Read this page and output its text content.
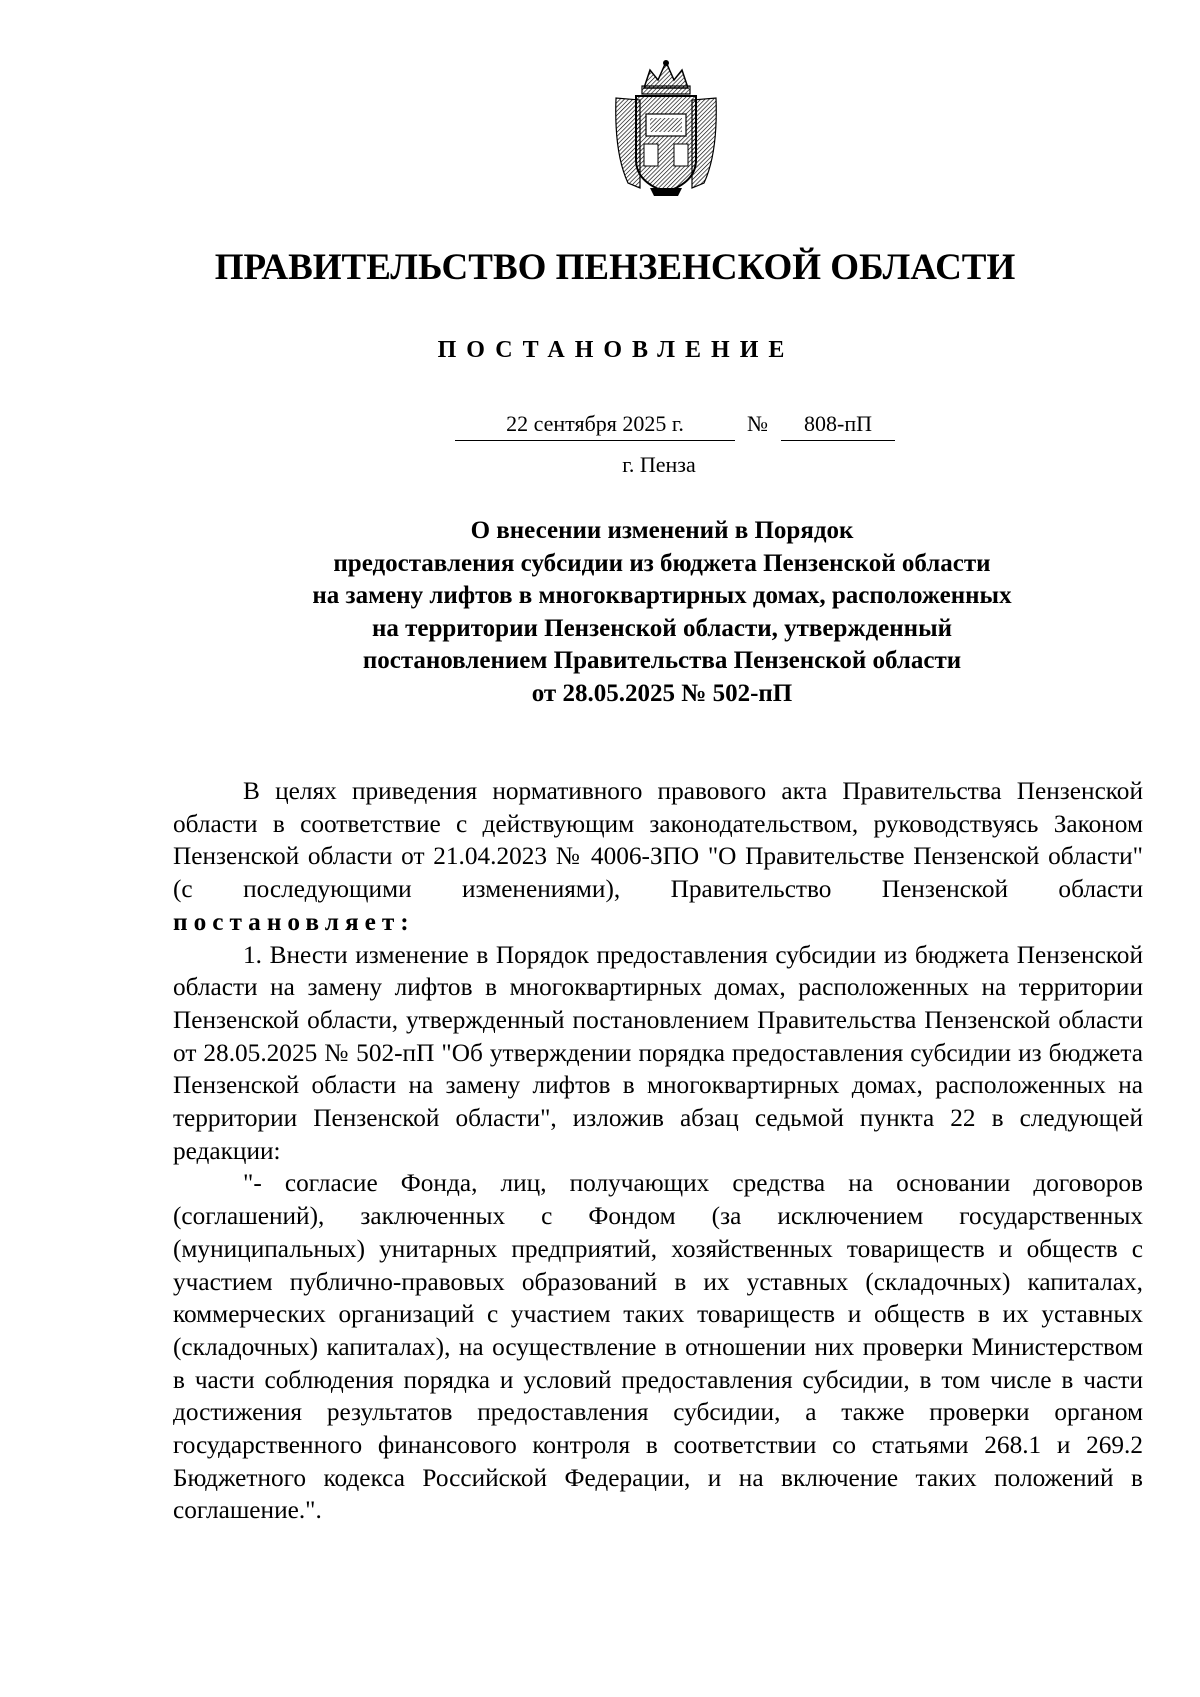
ПРАВИТЕЛЬСТВО ПЕНЗЕНСКОЙ ОБЛАСТИ
ПОСТАНОВЛЕНИЕ
22 сентября 2025 г.	№	808-пП
г. Пенза
О внесении изменений в Порядок
предоставления субсидии из бюджета Пензенской области
на замену лифтов в многоквартирных домах, расположенных
на территории Пензенской области, утвержденный
постановлением Правительства Пензенской области
от 28.05.2025 № 502-пП

В целях приведения нормативного правового акта Правительства Пензенской области в соответствие с действующим законодательством, руководствуясь Законом Пензенской области от 21.04.2023 № 4006-ЗПО "О Правительстве Пензенской области" (с последующими изменениями), Правительство Пензенской области постановляет:

1. Внести изменение в Порядок предоставления субсидии из бюджета Пензенской области на замену лифтов в многоквартирных домах, расположенных на территории Пензенской области, утвержденный постановлением Правительства Пензенской области от 28.05.2025 № 502-пП "Об утверждении порядка предоставления субсидии из бюджета Пензенской области на замену лифтов в многоквартирных домах, расположенных на территории Пензенской области", изложив абзац седьмой пункта 22 в следующей редакции:

"- согласие Фонда, лиц, получающих средства на основании договоров (соглашений), заключенных с Фондом (за исключением государственных (муниципальных) унитарных предприятий, хозяйственных товариществ и обществ с участием публично-правовых образований в их уставных (складочных) капиталах, коммерческих организаций с участием таких товариществ и обществ в их уставных (складочных) капиталах), на осуществление в отношении них проверки Министерством в части соблюдения порядка и условий предоставления субсидии, в том числе в части достижения результатов предоставления субсидии, а также проверки органом государственного финансового контроля в соответствии со статьями 268.1 и 269.2 Бюджетного кодекса Российской Федерации, и на включение таких положений в соглашение.".
